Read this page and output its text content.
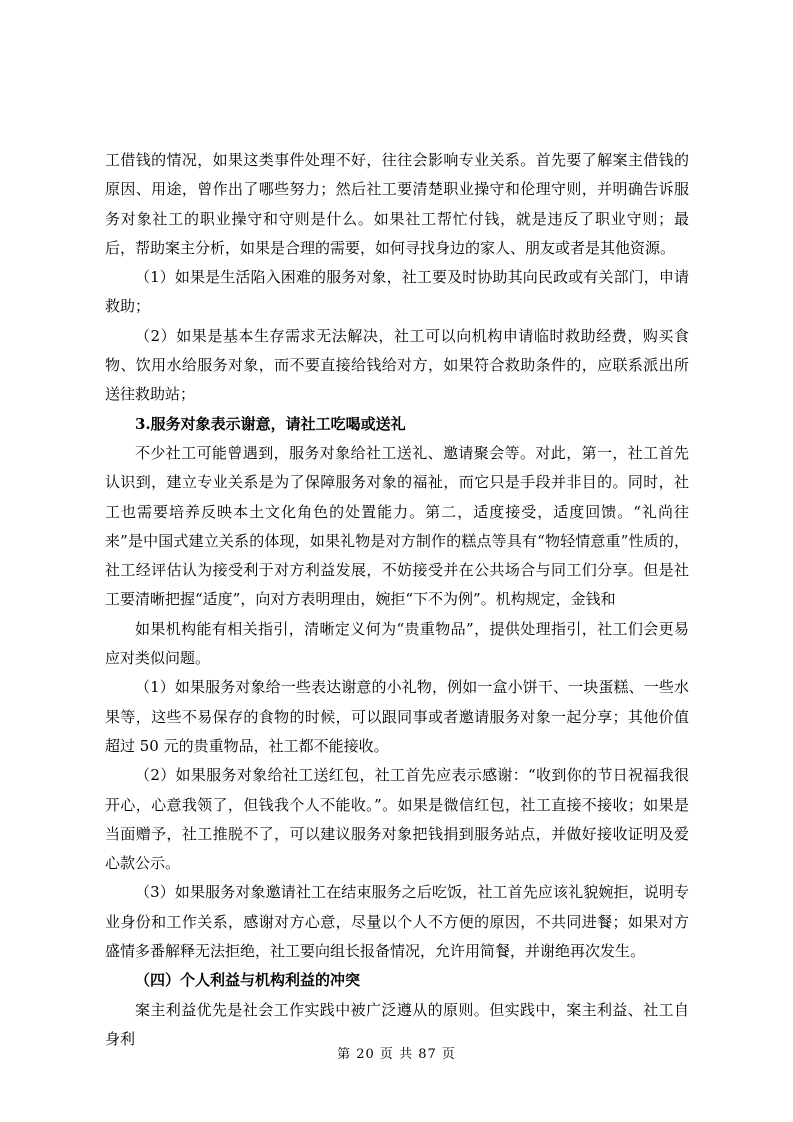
工借钱的情况，如果这类事件处理不好，往往会影响专业关系。首先要了解案主借钱的原因、用途，曾作出了哪些努力；然后社工要清楚职业操守和伦理守则，并明确告诉服务对象社工的职业操守和守则是什么。如果社工帮忙付钱，就是违反了职业守则；最后，帮助案主分析，如果是合理的需要，如何寻找身边的家人、朋友或者是其他资源。

（1）如果是生活陷入困难的服务对象，社工要及时协助其向民政或有关部门，申请救助；

（2）如果是基本生存需求无法解决，社工可以向机构申请临时救助经费，购买食物、饮用水给服务对象，而不要直接给钱给对方，如果符合救助条件的，应联系派出所送往救助站；

3.服务对象表示谢意，请社工吃喝或送礼

不少社工可能曾遇到，服务对象给社工送礼、邀请聚会等。对此，第一，社工首先认识到，建立专业关系是为了保障服务对象的福祉，而它只是手段并非目的。同时，社工也需要培养反映本土文化角色的处置能力。第二，适度接受，适度回馈。“礼尚往来”是中国式建立关系的体现，如果礼物是对方制作的糕点等具有“物轻情意重”性质的，社工经评估认为接受利于对方利益发展，不妨接受并在公共场合与同工们分享。但是社工要清晰把握“适度”，向对方表明理由，婉拒“下不为例”。机构规定，金钱和

如果机构能有相关指引，清晰定义何为“贵重物品”，提供处理指引，社工们会更易应对类似问题。

（1）如果服务对象给一些表达谢意的小礼物，例如一盒小饼干、一块蛋糕、一些水果等，这些不易保存的食物的时候，可以跟同事或者邀请服务对象一起分享；其他价值超过 50 元的贵重物品，社工都不能接收。

（2）如果服务对象给社工送红包，社工首先应表示感谢：“收到你的节日祝福我很开心，心意我领了，但钱我个人不能收。”。如果是微信红包，社工直接不接收；如果是当面赠予，社工推脱不了，可以建议服务对象把钱捐到服务站点，并做好接收证明及爱心款公示。

（3）如果服务对象邀请社工在结束服务之后吃饭，社工首先应该礼貌婉拒，说明专业身份和工作关系，感谢对方心意，尽量以个人不方便的原因，不共同进餐；如果对方盛情多番解释无法拒绝，社工要向组长报备情况，允许用简餐，并谢绝再次发生。

（四）个人利益与机构利益的冲突

案主利益优先是社会工作实践中被广泛遵从的原则。但实践中，案主利益、社工自身利

第 20 页 共 87 页
